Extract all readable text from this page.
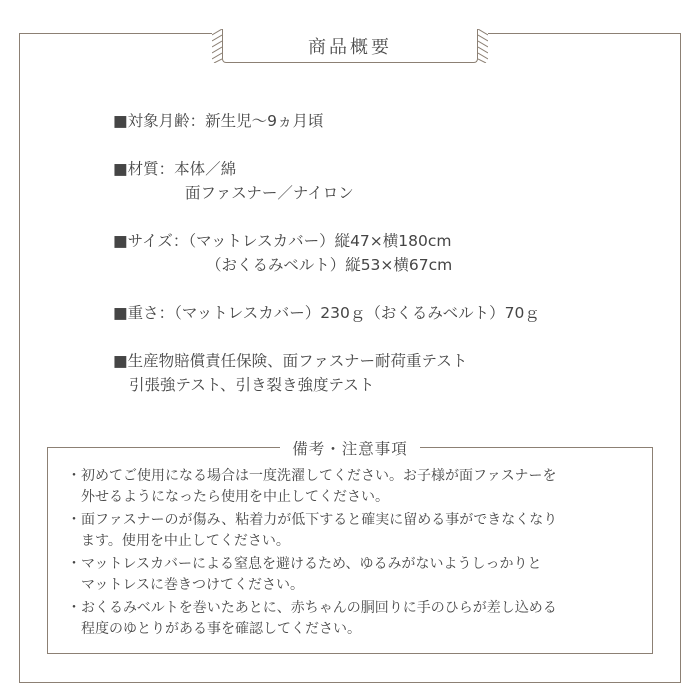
商品概要
■対象月齢：新生児〜9ヵ月頃
■材質：本体／綿
面ファスナー／ナイロン
■サイズ：（マットレスカバー）縦47×横180cm
（おくるみベルト）縦53×横67cm
■重さ：（マットレスカバー）230ｇ（おくるみベルト）70ｇ
■生産物賠償責任保険、面ファスナー耐荷重テスト
引張強テスト、引き裂き強度テスト
備考・注意事項
・初めてご使用になる場合は一度洗濯してください。お子様が面ファスナーを
外せるようになったら使用を中止してください。
・面ファスナーのが傷み、粘着力が低下すると確実に留める事ができなくなり
ます。使用を中止してください。
・マットレスカバーによる窒息を避けるため、ゆるみがないようしっかりと
マットレスに巻きつけてください。
・おくるみベルトを巻いたあとに、赤ちゃんの胴回りに手のひらが差し込める
程度のゆとりがある事を確認してください。
